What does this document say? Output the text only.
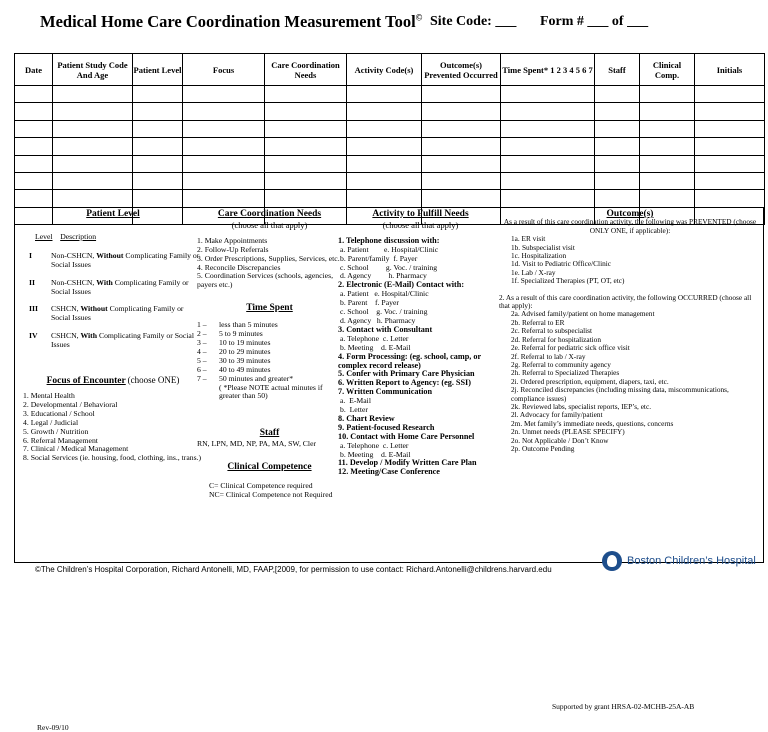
Medical Home Care Coordination Measurement Tool© Site Code: ___ Form # ___ of ___
Date	Patient Study Code And Age	Patient Level	Focus	Care Coordination Needs	Activity Code(s)	Outcome(s) Prevented Occurred	Time Spent* 1 2 3 4 5 6 7	Staff	Clinical Comp.	Initials

Patient Level
Level Description
I	Non-CSHCN, Without Complicating Family or Social Issues
II	Non-CSHCN, With Complicating Family or Social Issues
III	CSHCN, Without Complicating Family or Social Issues
IV	CSHCN, With Complicating Family or Social Issues
Focus of Encounter (choose ONE)
1. Mental Health
2. Developmental / Behavioral
3. Educational / School
4. Legal / Judicial
5. Growth / Nutrition
6. Referral Management
7. Clinical / Medical Management
8. Social Services (ie. housing, food, clothing, ins., trans.)
Rev-09/10
Care Coordination Needs
(choose all that apply)
1. Make Appointments
2. Follow-Up Referrals
3. Order Prescriptions, Supplies, Services, etc.
4. Reconcile Discrepancies
5. Coordination Services (schools, agencies, payers etc.)
Time Spent
1 –	less than 5 minutes
2 –	5 to 9 minutes
3 –	10 to 19 minutes
4 –	20 to 29 minutes
5 –	30 to 39 minutes
6 –	40 to 49 minutes
7 –	50 minutes and greater*
( *Please NOTE actual minutes if greater than 50)
Staff
RN, LPN, MD, NP, PA, MA, SW, Cler
Clinical Competence
C= Clinical Competence required
NC= Clinical Competence not Required
Activity to Fulfill Needs
(choose all that apply)
1. Telephone discussion with:
a. Patient        e. Hospital/Clinic
b. Parent/family  f. Payer
c. School         g. Voc. / training
d. Agency         h. Pharmacy
2. Electronic (E-Mail) Contact with:
a. Patient   e. Hospital/Clinic
b. Parent    f. Payer
c. School    g. Voc. / training
d. Agency   h. Pharmacy
3. Contact with Consultant
a. Telephone  c. Letter
b. Meeting    d. E-Mail
4. Form Processing: (eg. school, camp, or complex record release)
5. Confer with Primary Care Physician
6. Written Report to Agency: (eg. SSI)
7. Written Communication
a.  E-Mail
b.  Letter
8. Chart Review
9. Patient-focused Research
10. Contact with Home Care Personnel
a. Telephone  c. Letter
b. Meeting    d. E-Mail
11. Develop / Modify Written Care Plan
12. Meeting/Case Conference
Outcome(s)
As a result of this care coordination activity, the following was PREVENTED (choose ONLY ONE, if applicable):
1a. ER visit
1b. Subspecialist visit
1c. Hospitalization
1d. Visit to Pediatric Office/Clinic
1e. Lab / X-ray
1f. Specialized Therapies (PT, OT, etc)
2. As a result of this care coordination activity, the following OCCURRED (choose all that apply):
2a. Advised family/patient on home management
2b. Referral to ER
2c. Referral to subspecialist
2d. Referral for hospitalization
2e. Referral for pediatric sick office visit
2f. Referral to lab / X-ray
2g. Referral to community agency
2h. Referral to Specialized Therapies
2i. Ordered prescription, equipment, diapers, taxi, etc.
2j. Reconciled discrepancies (including missing data, miscommunications, compliance issues)
2k. Reviewed labs, specialist reports, IEP’s, etc.
2l. Advocacy for family/patient
2m. Met family’s immediate needs, questions, concerns
2n. Unmet needs (PLEASE SPECIFY)
2o. Not Applicable / Don’t Know
2p. Outcome Pending
Supported by grant HRSA-02-MCHB-25A-AB
©The Children’s Hospital Corporation, Richard Antonelli, MD, FAAP,[2009, for permission to use contact: Richard.Antonelli@childrens.harvard.edu
Boston Children’s Hospital
